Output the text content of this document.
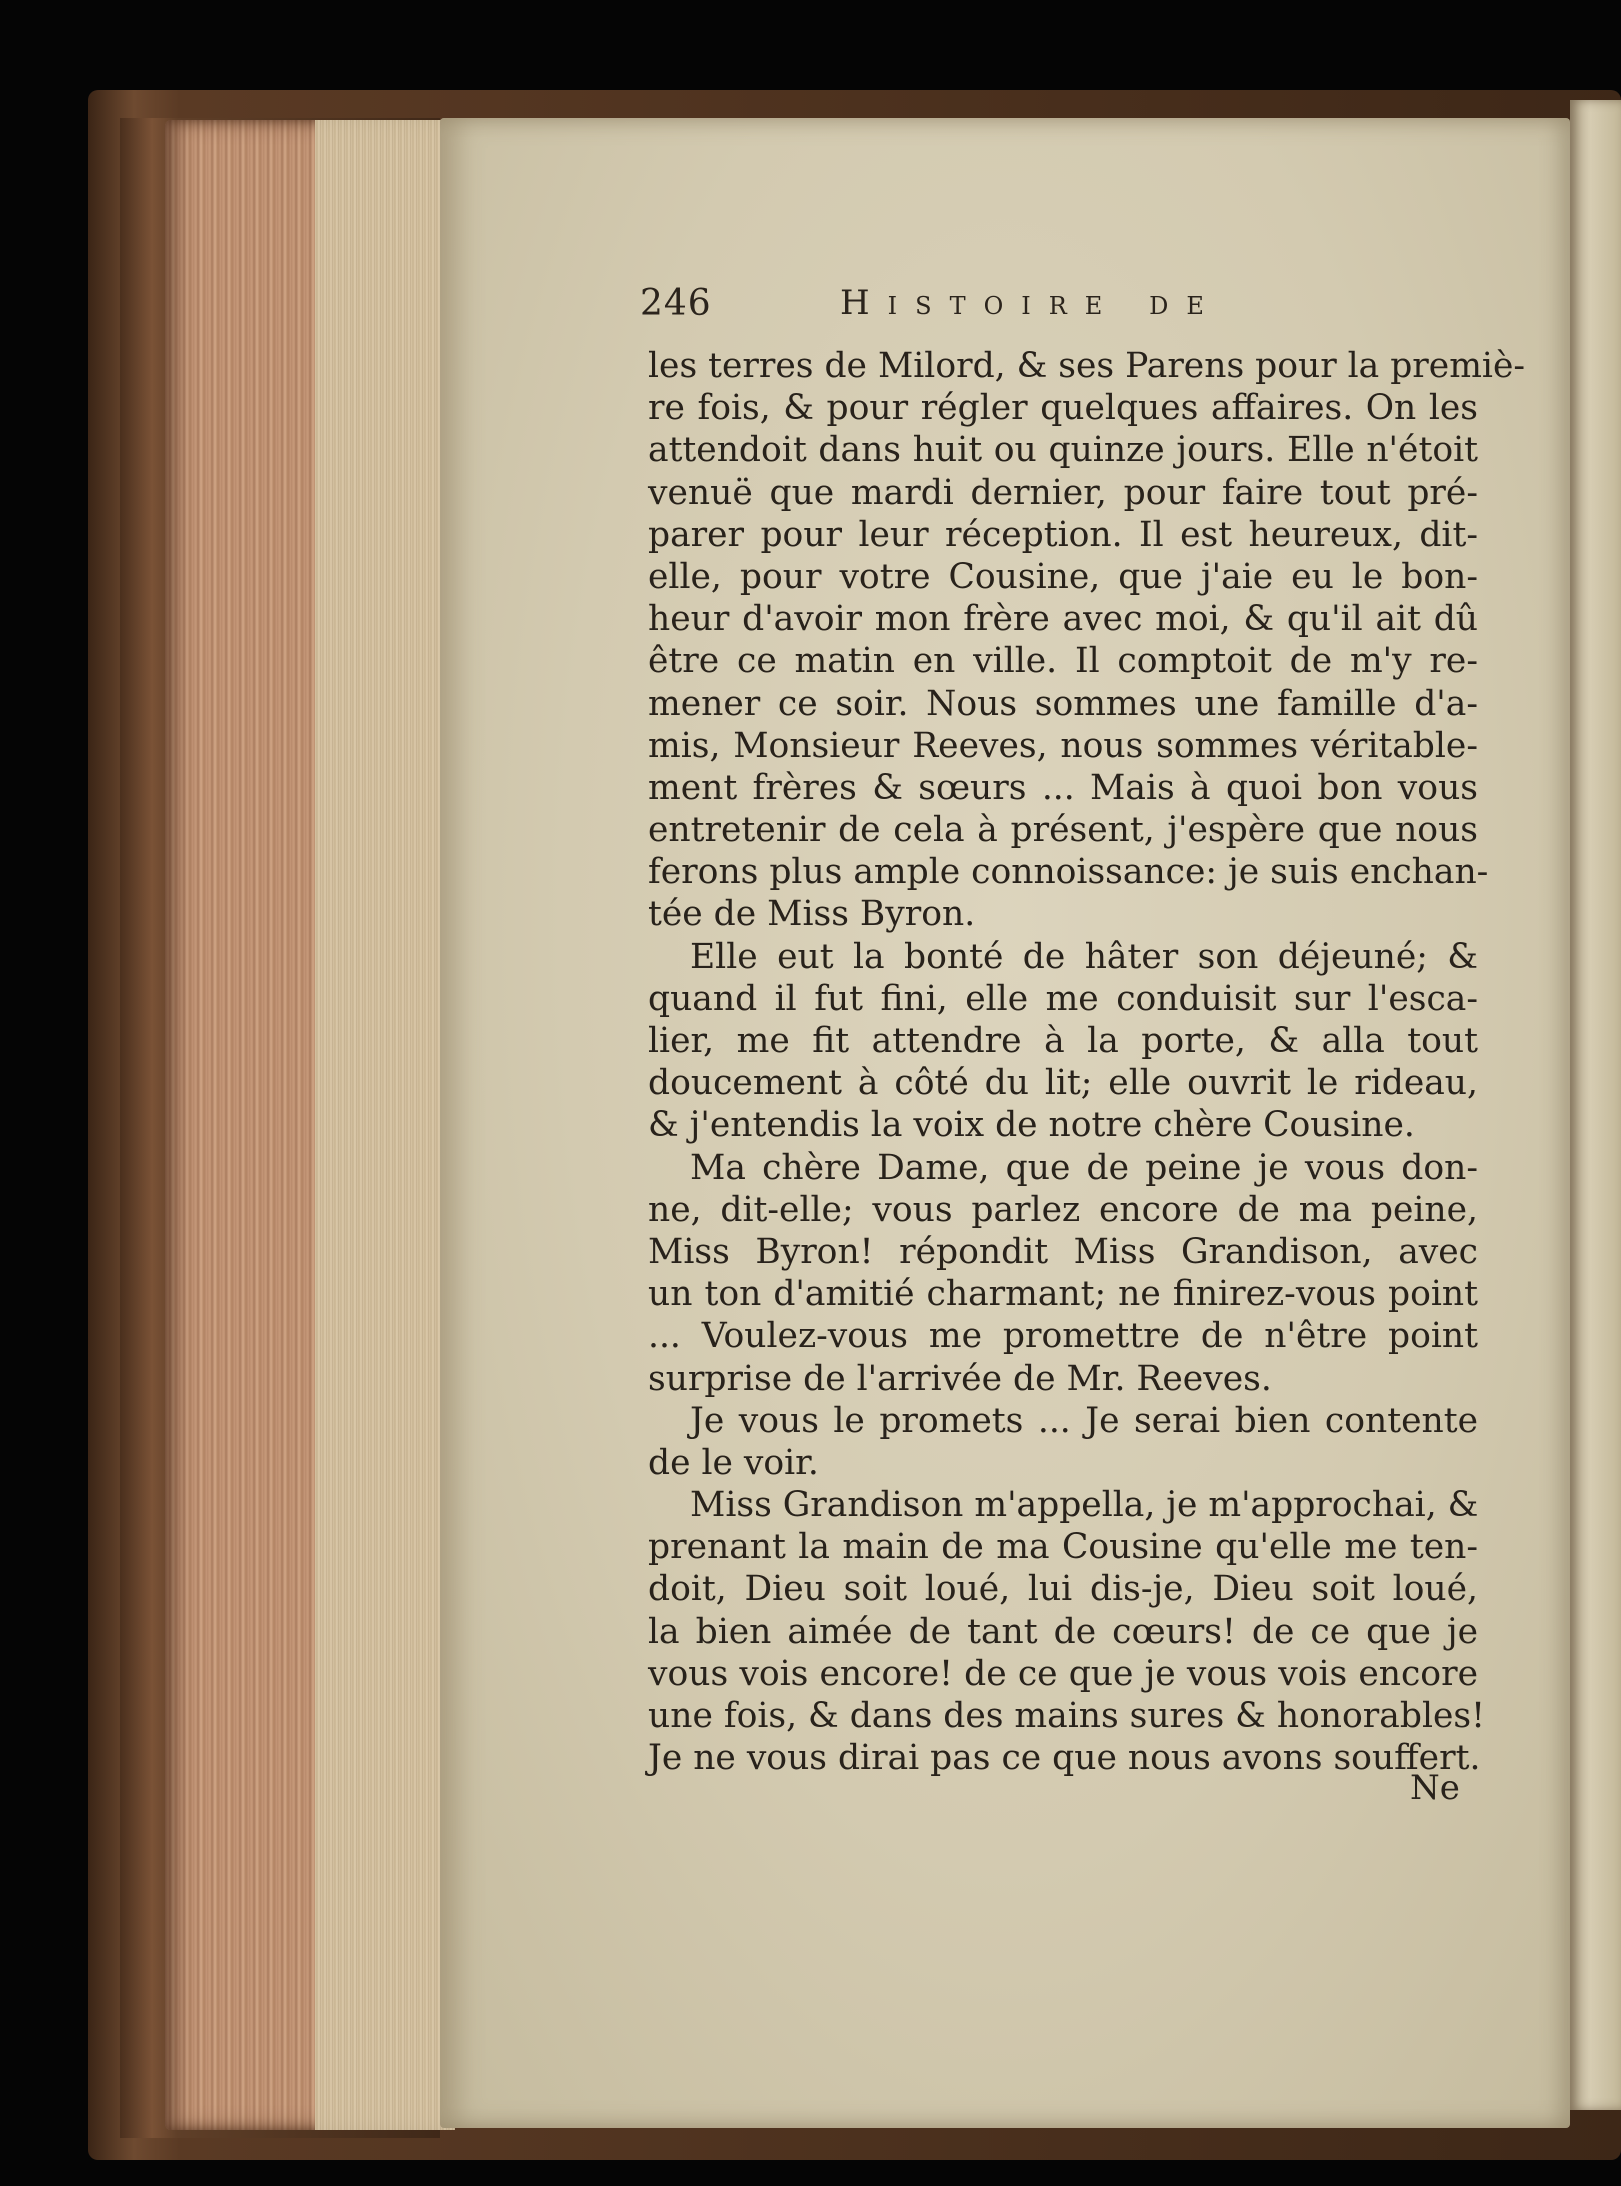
246	Histoire de
les terres de Milord, & ses Parens pour la premiè-
re fois, & pour régler quelques affaires. On les
attendoit dans huit ou quinze jours. Elle n'étoit
venuë que mardi dernier, pour faire tout pré-
parer pour leur réception. Il est heureux, dit-
elle, pour votre Cousine, que j'aie eu le bon-
heur d'avoir mon frère avec moi, & qu'il ait dû
être ce matin en ville. Il comptoit de m'y re-
mener ce soir. Nous sommes une famille d'a-
mis, Monsieur Reeves, nous sommes véritable-
ment frères & sœurs ... Mais à quoi bon vous
entretenir de cela à présent, j'espère que nous
ferons plus ample connoissance: je suis enchan-
tée de Miss Byron.
Elle eut la bonté de hâter son déjeuné; &
quand il fut fini, elle me conduisit sur l'esca-
lier, me fit attendre à la porte, & alla tout
doucement à côté du lit; elle ouvrit le rideau,
& j'entendis la voix de notre chère Cousine.
Ma chère Dame, que de peine je vous don-
ne, dit-elle; vous parlez encore de ma peine,
Miss Byron! répondit Miss Grandison, avec
un ton d'amitié charmant; ne finirez-vous point
... Voulez-vous me promettre de n'être point
surprise de l'arrivée de Mr. Reeves.
Je vous le promets ... Je serai bien contente
de le voir.
Miss Grandison m'appella, je m'approchai, &
prenant la main de ma Cousine qu'elle me ten-
doit, Dieu soit loué, lui dis-je, Dieu soit loué,
la bien aimée de tant de cœurs! de ce que je
vous vois encore! de ce que je vous vois encore
une fois, & dans des mains sures & honorables!
Je ne vous dirai pas ce que nous avons souffert.
Ne
